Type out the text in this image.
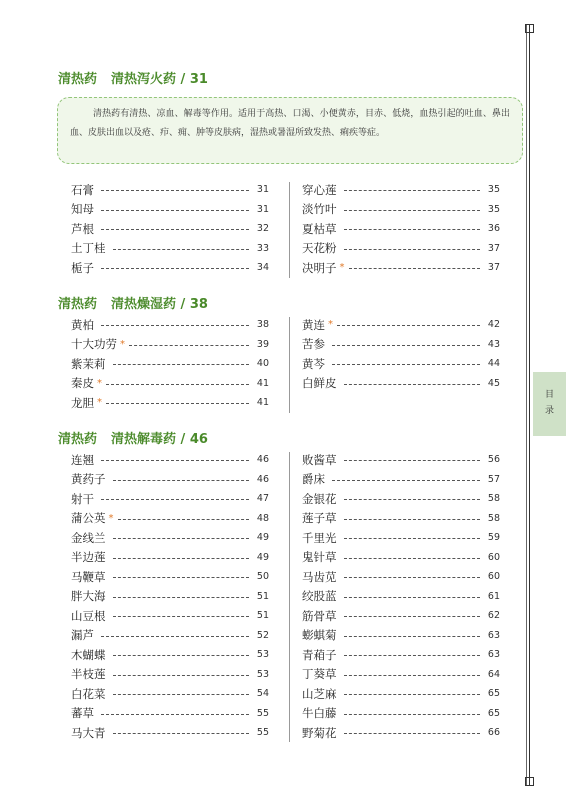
目
录
清热药 清热泻火药 / 31

清热药有清热、凉血、解毒等作用。适用于高热、口渴、小便黄赤，目赤、低烧，血热引起的吐血、鼻出血、皮肤出血以及疮、疖、痈、肿等皮肤病，湿热或暑湿所致发热、痢疾等症。

石膏	31
知母	31
芦根	32
土丁桂	33
栀子	34
穿心莲	35
淡竹叶	35
夏枯草	36
天花粉	37
决明子 *	37
清热药 清热燥湿药 / 38
黄柏	38
十大功劳 *	39
紫茉莉	40
秦皮 *	41
龙胆 *	41
黄连 *	42
苦参	43
黄芩	44
白鲜皮	45
清热药 清热解毒药 / 46
连翘	46
黄药子	46
射干	47
蒲公英 *	48
金线兰	49
半边莲	49
马鞭草	50
胖大海	51
山豆根	51
漏芦	52
木蝴蝶	53
半枝莲	53
白花菜	54
蕃草	55
马大青	55
败酱草	56
爵床	57
金银花	58
莲子草	58
千里光	59
鬼针草	60
马齿苋	60
绞股蓝	61
筋骨草	62
蟛蜞菊	63
青葙子	63
丁葵草	64
山芝麻	65
牛白藤	65
野菊花	66
